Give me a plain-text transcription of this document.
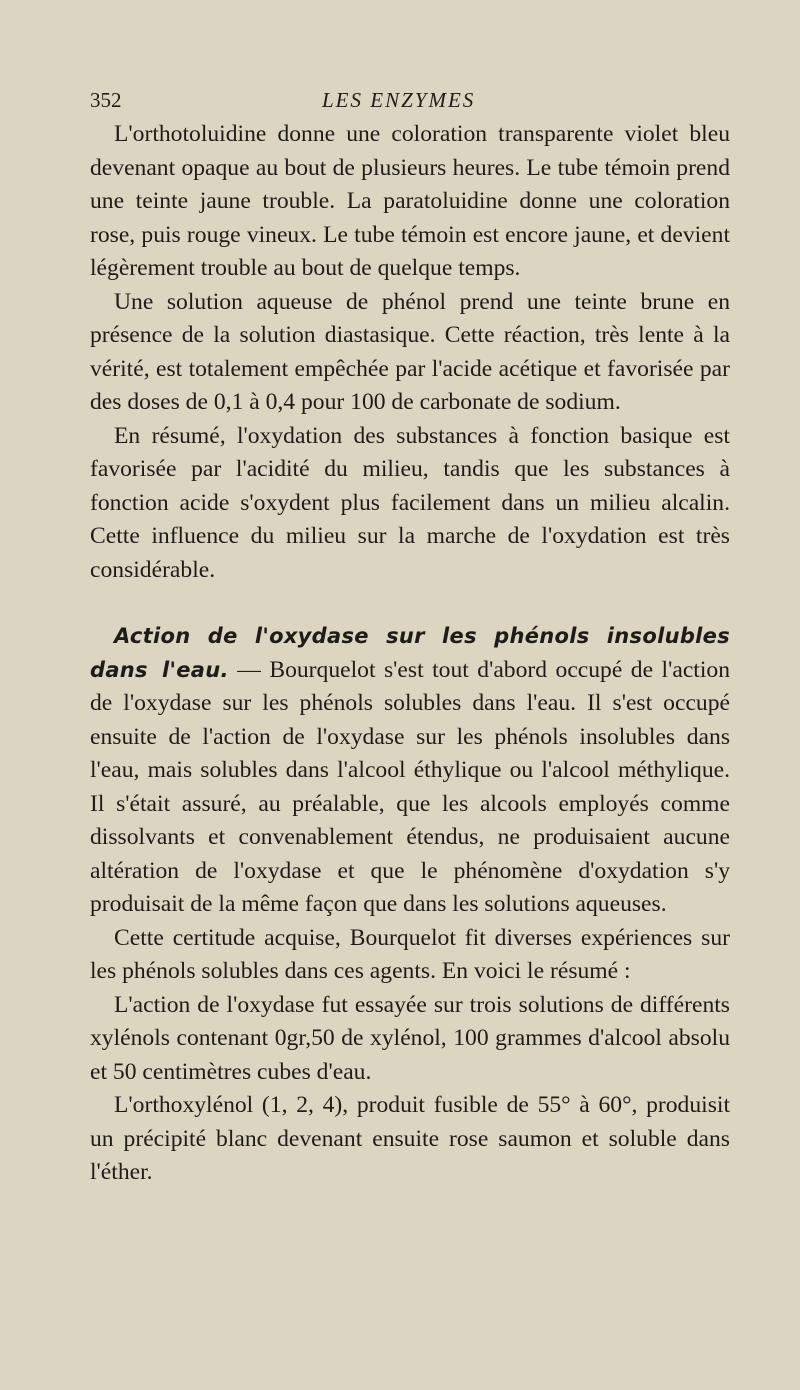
352	LES ENZYMES

L'orthotoluidine donne une coloration transparente violet bleu devenant opaque au bout de plusieurs heures. Le tube témoin prend une teinte jaune trouble. La paratoluidine donne une coloration rose, puis rouge vineux. Le tube témoin est encore jaune, et devient légèrement trouble au bout de quelque temps.

Une solution aqueuse de phénol prend une teinte brune en présence de la solution diastasique. Cette réaction, très lente à la vérité, est totalement empêchée par l'acide acétique et favorisée par des doses de 0,1 à 0,4 pour 100 de carbonate de sodium.

En résumé, l'oxydation des substances à fonction basique est favorisée par l'acidité du milieu, tandis que les substances à fonction acide s'oxydent plus facilement dans un milieu alcalin. Cette influence du milieu sur la marche de l'oxydation est très considérable.

Action de l'oxydase sur les phénols insolubles dans l'eau. — Bourquelot s'est tout d'abord occupé de l'action de l'oxydase sur les phénols solubles dans l'eau. Il s'est occupé ensuite de l'action de l'oxydase sur les phénols insolubles dans l'eau, mais solubles dans l'alcool éthylique ou l'alcool méthylique. Il s'était assuré, au préalable, que les alcools employés comme dissolvants et convenablement étendus, ne produisaient aucune altération de l'oxydase et que le phénomène d'oxydation s'y produisait de la même façon que dans les solutions aqueuses.

Cette certitude acquise, Bourquelot fit diverses expériences sur les phénols solubles dans ces agents. En voici le résumé :

L'action de l'oxydase fut essayée sur trois solutions de différents xylénols contenant 0gr,50 de xylénol, 100 grammes d'alcool absolu et 50 centimètres cubes d'eau.

L'orthoxylénol (1, 2, 4), produit fusible de 55° à 60°, produisit un précipité blanc devenant ensuite rose saumon et soluble dans l'éther.
